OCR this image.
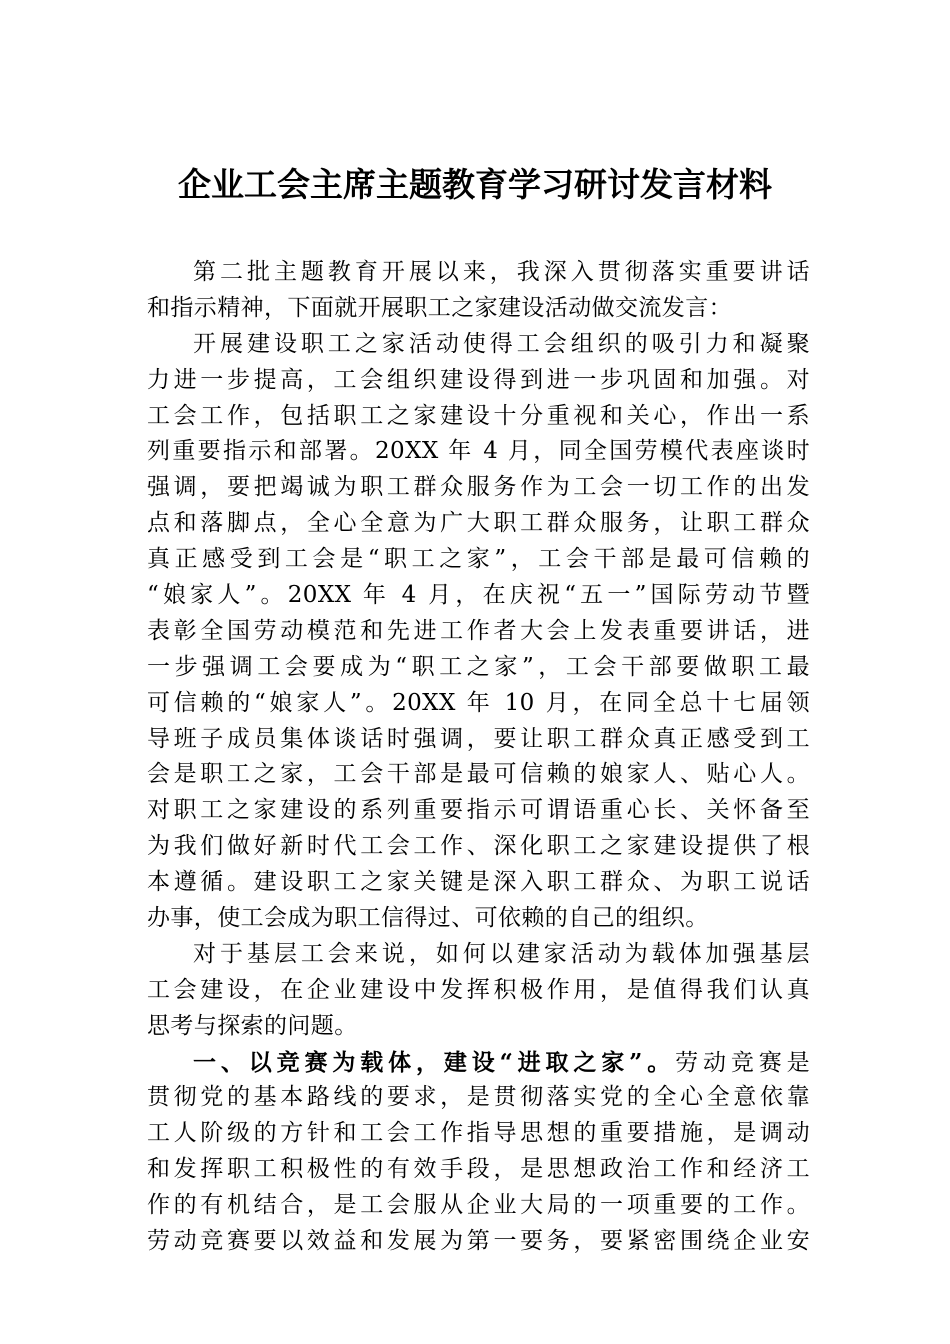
企业工会主席主题教育学习研讨发言材料
第二批主题教育开展以来，我深入贯彻落实重要讲话
和指示精神，下面就开展职工之家建设活动做交流发言：
开展建设职工之家活动使得工会组织的吸引力和凝聚
力进一步提高，工会组织建设得到进一步巩固和加强。对
工会工作，包括职工之家建设十分重视和关心，作出一系
列重要指示和部署。20XX 年 4 月，同全国劳模代表座谈时
强调，要把竭诚为职工群众服务作为工会一切工作的出发
点和落脚点，全心全意为广大职工群众服务，让职工群众
真正感受到工会是“职工之家”，工会干部是最可信赖的
“娘家人”。20XX 年 4 月，在庆祝“五一”国际劳动节暨
表彰全国劳动模范和先进工作者大会上发表重要讲话，进
一步强调工会要成为“职工之家”，工会干部要做职工最
可信赖的“娘家人”。20XX 年 10 月，在同全总十七届领
导班子成员集体谈话时强调，要让职工群众真正感受到工
会是职工之家，工会干部是最可信赖的娘家人、贴心人。
对职工之家建设的系列重要指示可谓语重心长、关怀备至
为我们做好新时代工会工作、深化职工之家建设提供了根
本遵循。建设职工之家关键是深入职工群众、为职工说话
办事，使工会成为职工信得过、可依赖的自己的组织。
对于基层工会来说，如何以建家活动为载体加强基层
工会建设，在企业建设中发挥积极作用，是值得我们认真
思考与探索的问题。
一、以竞赛为载体，建设“进取之家”。劳动竞赛是
贯彻党的基本路线的要求，是贯彻落实党的全心全意依靠
工人阶级的方针和工会工作指导思想的重要措施，是调动
和发挥职工积极性的有效手段，是思想政治工作和经济工
作的有机结合，是工会服从企业大局的一项重要的工作。
劳动竞赛要以效益和发展为第一要务，要紧密围绕企业安
